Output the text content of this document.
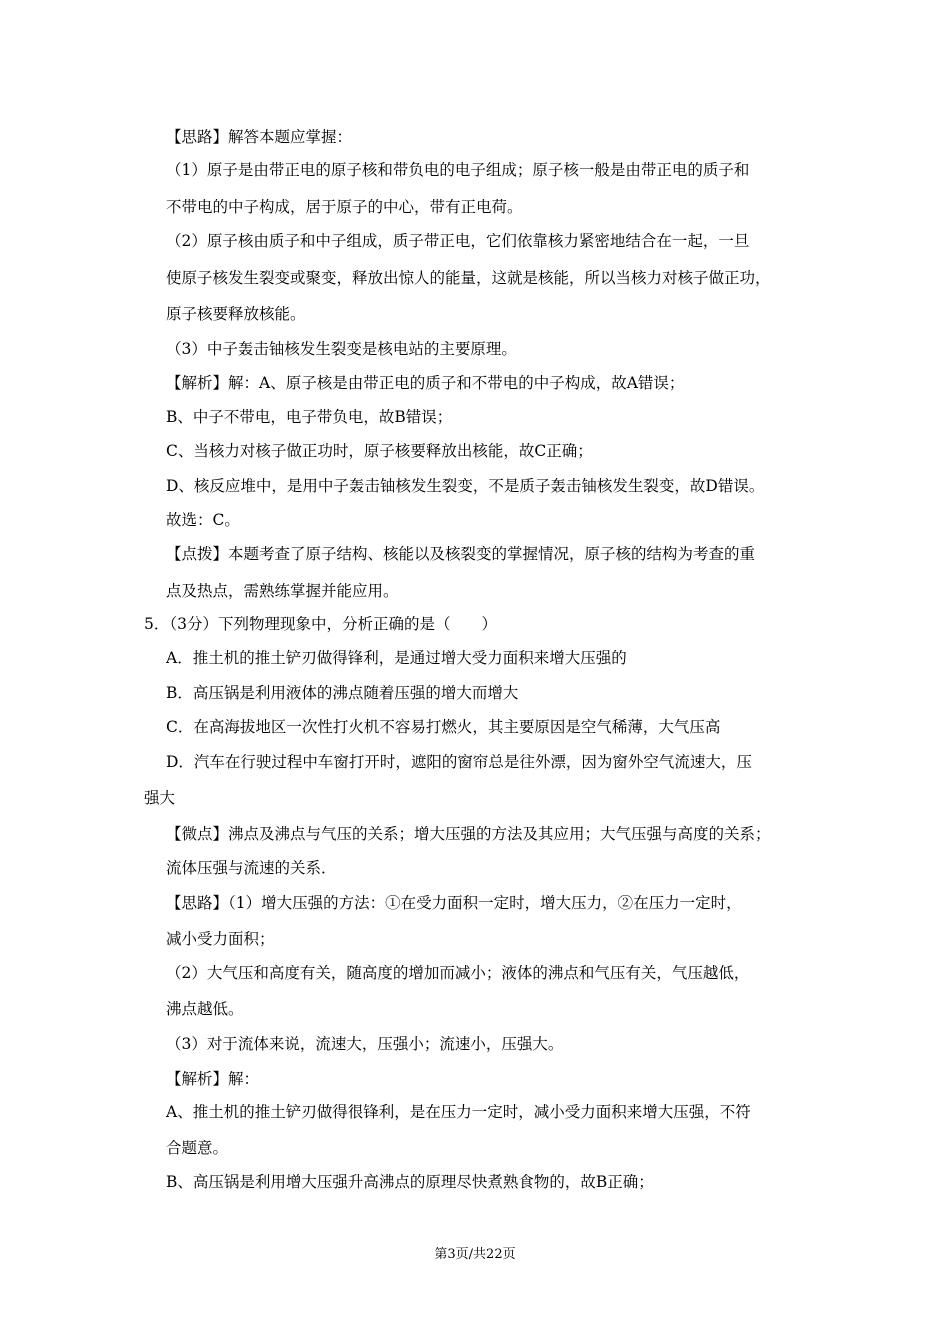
【思路】解答本题应掌握：
（1）原子是由带正电的原子核和带负电的电子组成；原子核一般是由带正电的质子和
不带电的中子构成，居于原子的中心，带有正电荷。
（2）原子核由质子和中子组成，质子带正电，它们依靠核力紧密地结合在一起，一旦
使原子核发生裂变或聚变，释放出惊人的能量，这就是核能，所以当核力对核子做正功，
原子核要释放核能。
（3）中子轰击铀核发生裂变是核电站的主要原理。
【解析】解：A、原子核是由带正电的质子和不带电的中子构成，故A错误；
B、中子不带电，电子带负电，故B错误；
C、当核力对核子做正功时，原子核要释放出核能，故C正确；
D、核反应堆中，是用中子轰击铀核发生裂变，不是质子轰击铀核发生裂变，故D错误。
故选：C。
【点拨】本题考查了原子结构、核能以及核裂变的掌握情况，原子核的结构为考查的重
点及热点，需熟练掌握并能应用。
5．（3分）下列物理现象中，分析正确的是（　　）
A．推土机的推土铲刃做得锋利，是通过增大受力面积来增大压强的
B．高压锅是利用液体的沸点随着压强的增大而增大
C．在高海拔地区一次性打火机不容易打燃火，其主要原因是空气稀薄，大气压高
D．汽车在行驶过程中车窗打开时，遮阳的窗帘总是往外漂，因为窗外空气流速大，压
强大
【微点】沸点及沸点与气压的关系；增大压强的方法及其应用；大气压强与高度的关系；
流体压强与流速的关系．
【思路】（1）增大压强的方法：①在受力面积一定时，增大压力，②在压力一定时，
减小受力面积；
（2）大气压和高度有关，随高度的增加而减小；液体的沸点和气压有关，气压越低，
沸点越低。
（3）对于流体来说，流速大，压强小；流速小，压强大。
【解析】解：
A、推土机的推土铲刃做得很锋利，是在压力一定时，减小受力面积来增大压强，不符
合题意。
B、高压锅是利用增大压强升高沸点的原理尽快煮熟食物的，故B正确；
第3页/共22页
